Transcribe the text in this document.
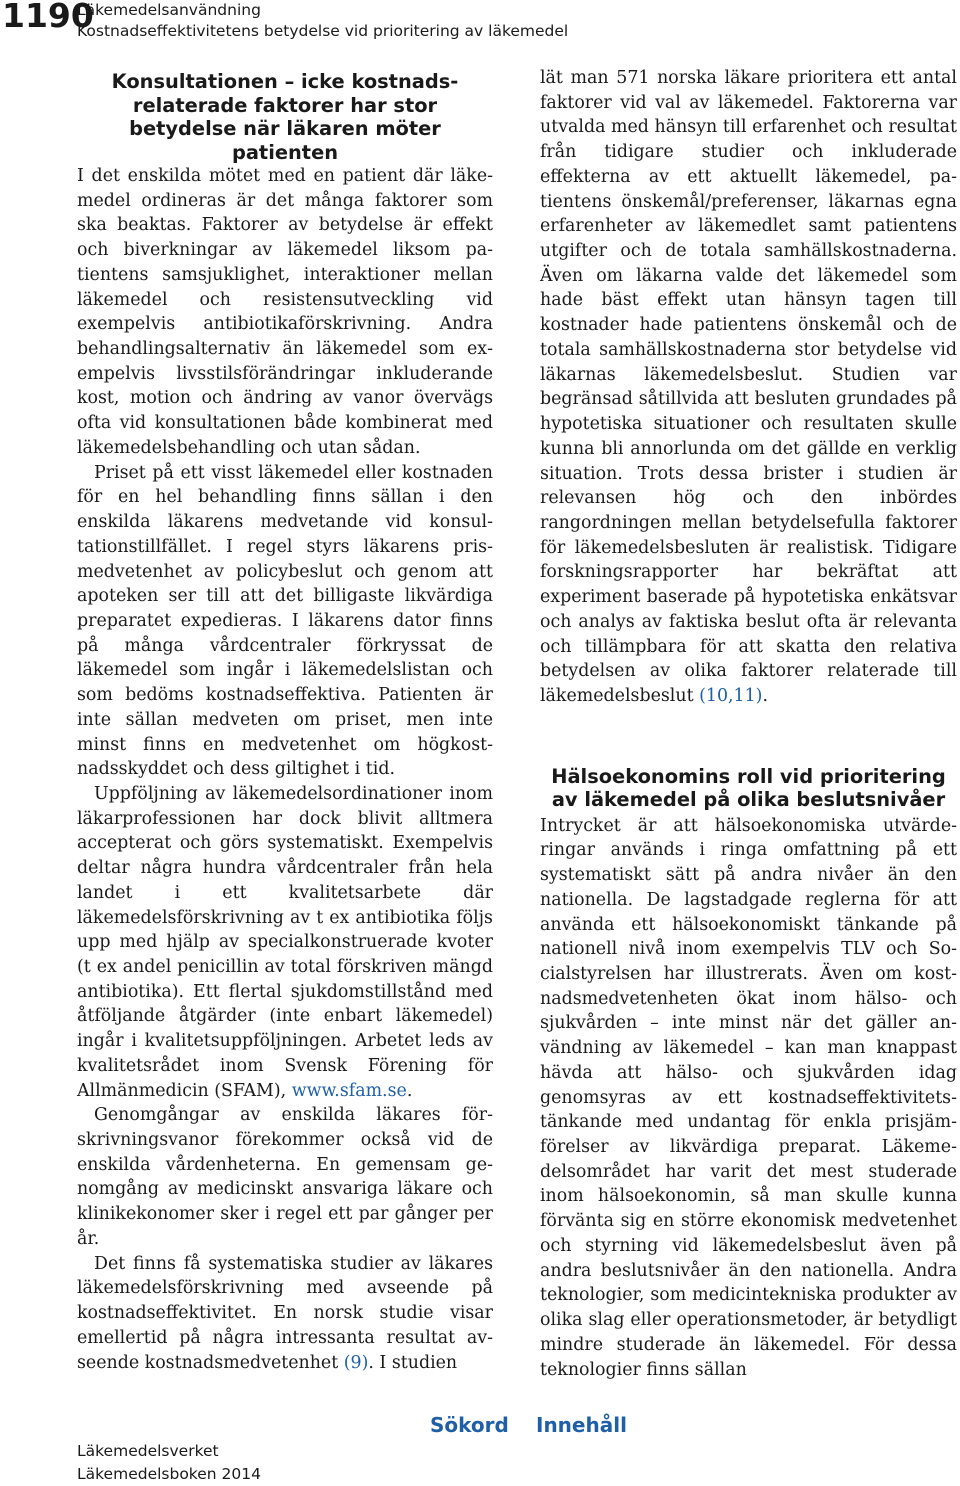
1190
Läkemedelsanvändning
Kostnadseffektivitetens betydelse vid prioritering av läkemedel
Konsultationen – icke kostnadsrelaterade faktorer har stor betydelse när läkaren möter patienten

I det enskilda mötet med en patient där läkemedel ordineras är det många faktorer som ska beaktas. Faktorer av betydelse är effekt och biverkningar av läkemedel liksom patientens samsjuklighet, interaktioner mellan läkemedel och resistensutveckling vid exempelvis antibiotikaförskrivning. Andra behandlingsalternativ än läkemedel som exempelvis livsstilsförändringar inkluderande kost, motion och ändring av vanor övervägs ofta vid konsultationen både kombinerat med läkemedelsbehandling och utan sådan.

Priset på ett visst läkemedel eller kostnaden för en hel behandling finns sällan i den enskilda läkarens medvetande vid konsultationstillfället. I regel styrs läkarens prismedvetenhet av policybeslut och genom att apoteken ser till att det billigaste likvärdiga preparatet expedieras. I läkarens dator finns på många vårdcentraler förkryssat de läkemedel som ingår i läkemedelslistan och som bedöms kostnadseffektiva. Patienten är inte sällan medveten om priset, men inte minst finns en medvetenhet om högkostnadsskyddet och dess giltighet i tid.

Uppföljning av läkemedelsordinationer inom läkarprofessionen har dock blivit alltmera accepterat och görs systematiskt. Exempelvis deltar några hundra vårdcentraler från hela landet i ett kvalitetsarbete där läkemedelsförskrivning av t ex antibiotika följs upp med hjälp av specialkonstruerade kvoter (t ex andel penicillin av total förskriven mängd antibiotika). Ett flertal sjukdomstillstånd med åtföljande åtgärder (inte enbart läkemedel) ingår i kvalitetsuppföljningen. Arbetet leds av kvalitetsrådet inom Svensk Förening för Allmänmedicin (SFAM), www.sfam.se.

Genomgångar av enskilda läkares förskrivningsvanor förekommer också vid de enskilda vårdenheterna. En gemensam genomgång av medicinskt ansvariga läkare och klinikekonomer sker i regel ett par gånger per år.

Det finns få systematiska studier av läkares läkemedelsförskrivning med avseende på kostnadseffektivitet. En norsk studie visar emellertid på några intressanta resultat avseende kostnadsmedvetenhet (9). I studien

lät man 571 norska läkare prioritera ett antal faktorer vid val av läkemedel. Faktorerna var utvalda med hänsyn till erfarenhet och resultat från tidigare studier och inkluderade effekterna av ett aktuellt läkemedel, patientens önskemål/preferenser, läkarnas egna erfarenheter av läkemedlet samt patientens utgifter och de totala samhällskostnaderna. Även om läkarna valde det läkemedel som hade bäst effekt utan hänsyn tagen till kostnader hade patientens önskemål och de totala samhällskostnaderna stor betydelse vid läkarnas läkemedelsbeslut. Studien var begränsad såtillvida att besluten grundades på hypotetiska situationer och resultaten skulle kunna bli annorlunda om det gällde en verklig situation. Trots dessa brister i studien är relevansen hög och den inbördes rangordningen mellan betydelsefulla faktorer för läkemedelsbesluten är realistisk. Tidigare forskningsrapporter har bekräftat att experiment baserade på hypotetiska enkätsvar och analys av faktiska beslut ofta är relevanta och tillämpbara för att skatta den relativa betydelsen av olika faktorer relaterade till läkemedelsbeslut (10,11).

Hälsoekonomins roll vid prioritering av läkemedel på olika beslutsnivåer

Intrycket är att hälsoekonomiska utvärderingar används i ringa omfattning på ett systematiskt sätt på andra nivåer än den nationella. De lagstadgade reglerna för att använda ett hälsoekonomiskt tänkande på nationell nivå inom exempelvis TLV och Socialstyrelsen har illustrerats. Även om kostnadsmedvetenheten ökat inom hälso- och sjukvården – inte minst när det gäller användning av läkemedel – kan man knappast hävda att hälso- och sjukvården idag genomsyras av ett kostnadseffektivitetstänkande med undantag för enkla prisjämförelser av likvärdiga preparat. Läkemedelsområdet har varit det mest studerade inom hälsoekonomin, så man skulle kunna förvänta sig en större ekonomisk medvetenhet och styrning vid läkemedelsbeslut även på andra beslutsnivåer än den nationella. Andra teknologier, som medicintekniska produkter av olika slag eller operationsmetoder, är betydligt mindre studerade än läkemedel. För dessa teknologier finns sällan

Sökord Innehåll
Läkemedelsverket
Läkemedelsboken 2014
